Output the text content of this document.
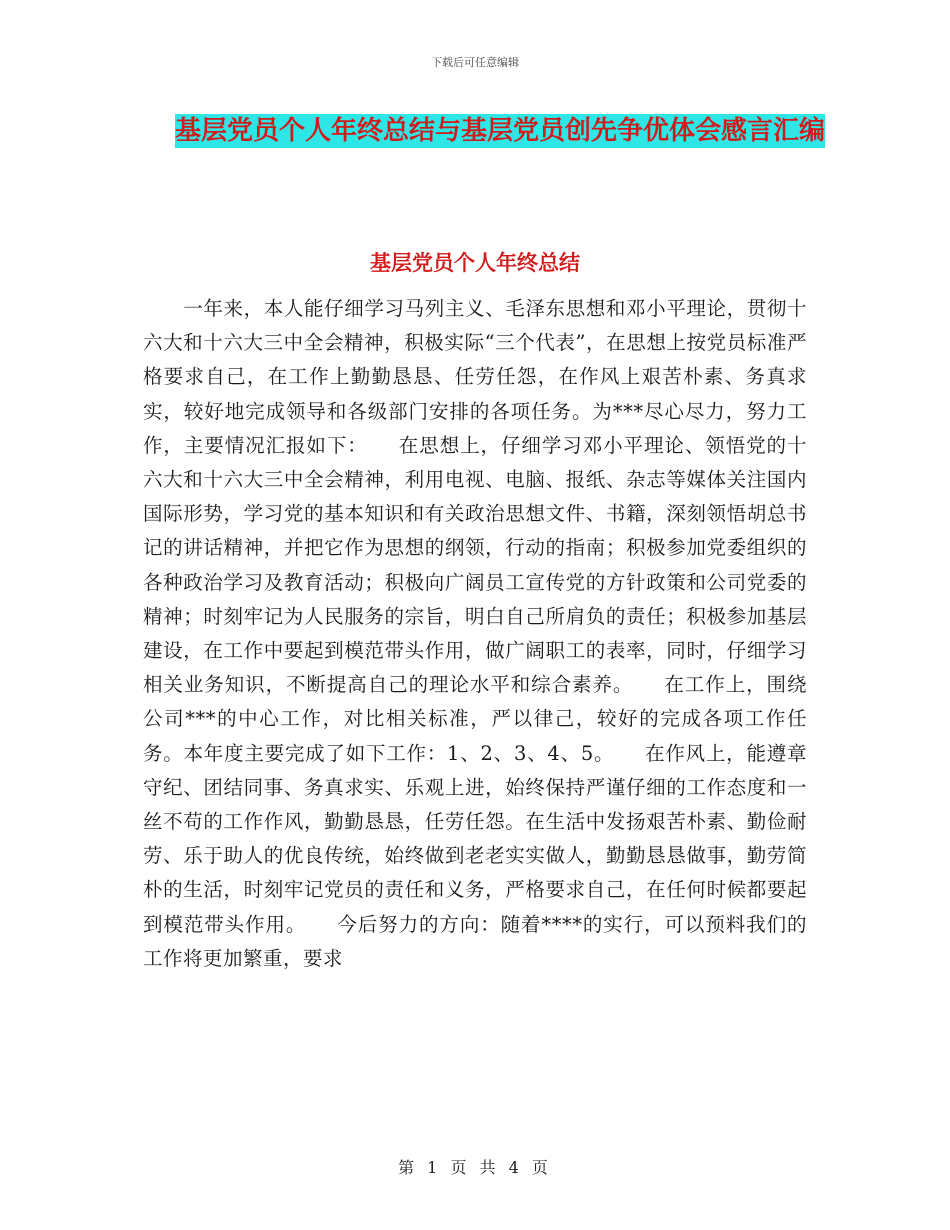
下载后可任意编辑
基层党员个人年终总结与基层党员创先争优体会感言汇编
基层党员个人年终总结

　　一年来，本人能仔细学习马列主义、毛泽东思想和邓小平理论，贯彻十六大和十六大三中全会精神，积极实际“三个代表”，在思想上按党员标准严格要求自己，在工作上勤勤恳恳、任劳任怨，在作风上艰苦朴素、务真求实，较好地完成领导和各级部门安排的各项任务。为***尽心尽力，努力工作，主要情况汇报如下：　　在思想上，仔细学习邓小平理论、领悟党的十六大和十六大三中全会精神，利用电视、电脑、报纸、杂志等媒体关注国内国际形势，学习党的基本知识和有关政治思想文件、书籍，深刻领悟胡总书记的讲话精神，并把它作为思想的纲领，行动的指南；积极参加党委组织的各种政治学习及教育活动；积极向广阔员工宣传党的方针政策和公司党委的精神；时刻牢记为人民服务的宗旨，明白自己所肩负的责任；积极参加基层建设，在工作中要起到模范带头作用，做广阔职工的表率，同时，仔细学习相关业务知识，不断提高自己的理论水平和综合素养。　　在工作上，围绕公司***的中心工作，对比相关标准，严以律己，较好的完成各项工作任务。本年度主要完成了如下工作：1、2、3、4、5。　　在作风上，能遵章守纪、团结同事、务真求实、乐观上进，始终保持严谨仔细的工作态度和一丝不苟的工作作风，勤勤恳恳，任劳任怨。在生活中发扬艰苦朴素、勤俭耐劳、乐于助人的优良传统，始终做到老老实实做人，勤勤恳恳做事，勤劳简朴的生活，时刻牢记党员的责任和义务，严格要求自己，在任何时候都要起到模范带头作用。　　今后努力的方向：随着****的实行，可以预料我们的工作将更加繁重，要求

第 1 页 共 4 页
